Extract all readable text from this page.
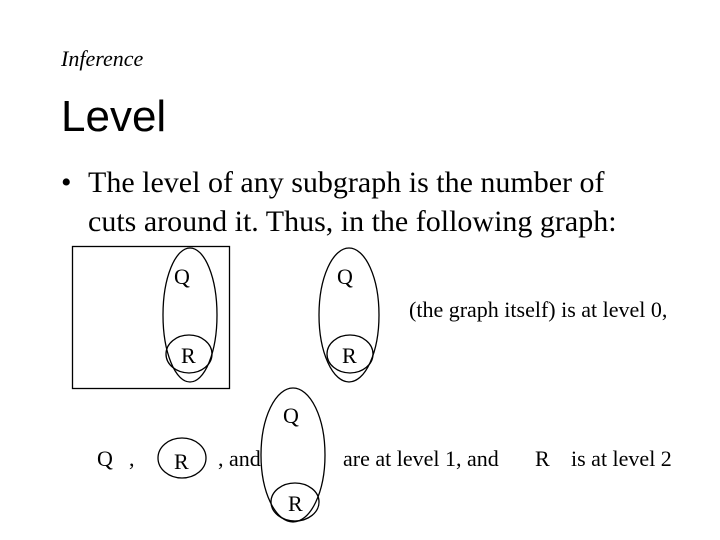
Inference
Level
• The level of any subgraph is the number of
cuts around it. Thus, in the following graph:
Q	Q
R	R
(the graph itself) is at level 0,
Q , R , and
Q
R
are at level 1, and R is at level 2
